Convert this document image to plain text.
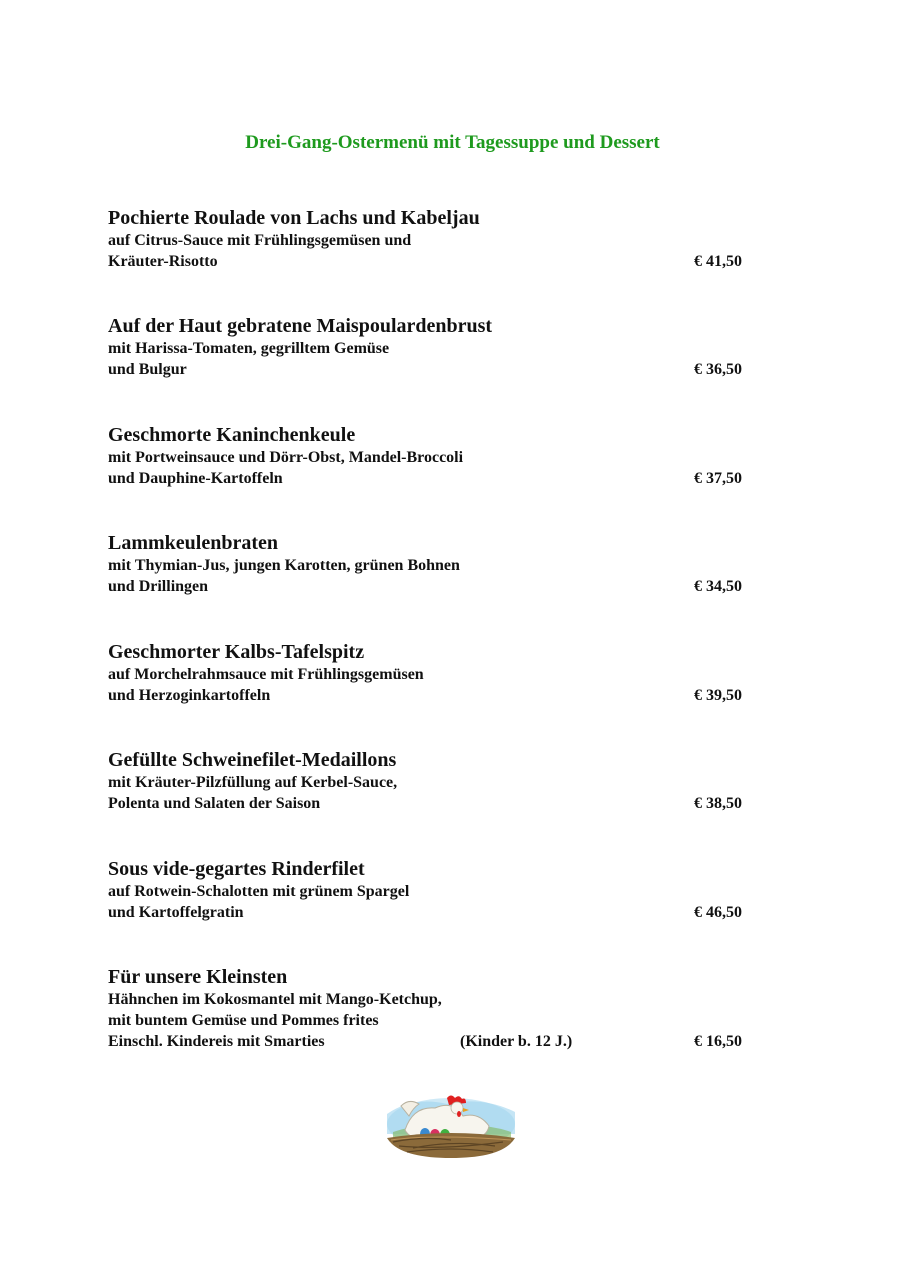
Drei-Gang-Ostermenü mit Tagessuppe und Dessert

Pochierte Roulade von Lachs und Kabeljau

auf Citrus-Sauce mit Frühlingsgemüsen und

Kräuter-Risotto	€ 41,50

Auf der Haut gebratene Maispoulardenbrust

mit Harissa-Tomaten, gegrilltem Gemüse

und Bulgur	€ 36,50

Geschmorte Kaninchenkeule

mit Portweinsauce und Dörr-Obst, Mandel-Broccoli

und Dauphine-Kartoffeln	€ 37,50

Lammkeulenbraten

mit Thymian-Jus, jungen Karotten, grünen Bohnen

und Drillingen	€ 34,50

Geschmorter Kalbs-Tafelspitz

auf Morchelrahmsauce mit Frühlingsgemüsen

und Herzoginkartoffeln	€ 39,50

Gefüllte Schweinefilet-Medaillons

mit Kräuter-Pilzfüllung auf Kerbel-Sauce,

Polenta und Salaten der Saison	€ 38,50

Sous vide-gegartes Rinderfilet

auf Rotwein-Schalotten mit grünem Spargel

und Kartoffelgratin	€ 46,50

Für unsere Kleinsten

Hähnchen im Kokosmantel mit Mango-Ketchup,

mit buntem Gemüse und Pommes frites

Einschl. Kindereis mit Smarties	(Kinder b. 12 J.)	€ 16,50
